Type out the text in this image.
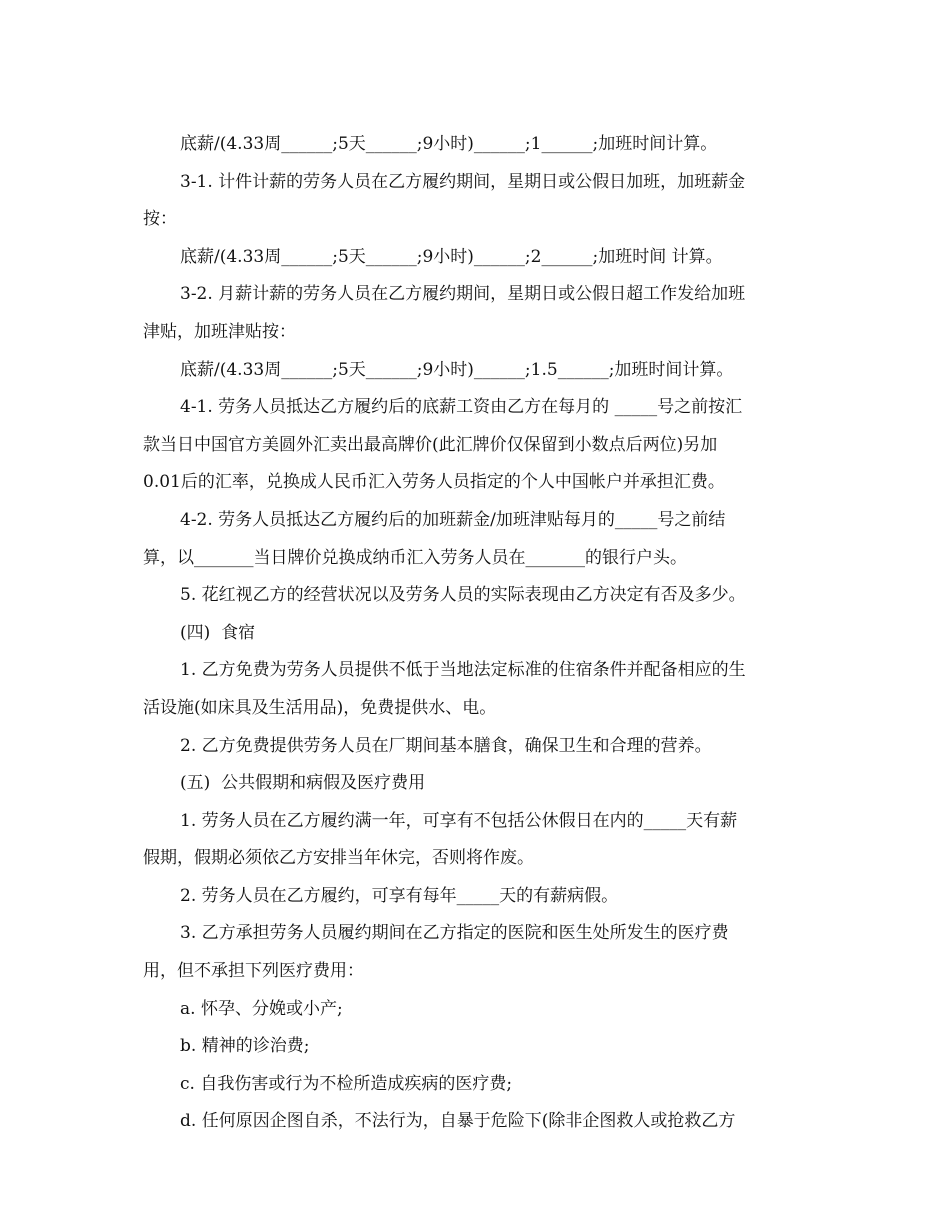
底薪/(4.33周______;5天______;9小时)______;1______;加班时间计算。
3-1. 计件计薪的劳务人员在乙方履约期间，星期日或公假日加班，加班薪金
按：
底薪/(4.33周______;5天______;9小时)______;2______;加班时间 计算。
3-2. 月薪计薪的劳务人员在乙方履约期间，星期日或公假日超工作发给加班
津贴，加班津贴按：
底薪/(4.33周______;5天______;9小时)______;1.5______;加班时间计算。
4-1. 劳务人员抵达乙方履约后的底薪工资由乙方在每月的 _____号之前按汇
款当日中国官方美圆外汇卖出最高牌价(此汇牌价仅保留到小数点后两位)另加
0.01后的汇率，兑换成人民币汇入劳务人员指定的个人中国帐户并承担汇费。
4-2. 劳务人员抵达乙方履约后的加班薪金/加班津贴每月的_____号之前结
算，以_______当日牌价兑换成纳币汇入劳务人员在_______的银行户头。
5. 花红视乙方的经营状况以及劳务人员的实际表现由乙方决定有否及多少。
(四)  食宿
1. 乙方免费为劳务人员提供不低于当地法定标准的住宿条件并配备相应的生
活设施(如床具及生活用品)，免费提供水、电。
2. 乙方免费提供劳务人员在厂期间基本膳食，确保卫生和合理的营养。
(五)  公共假期和病假及医疗费用
1. 劳务人员在乙方履约满一年，可享有不包括公休假日在内的_____天有薪
假期，假期必须依乙方安排当年休完，否则将作废。
2. 劳务人员在乙方履约，可享有每年_____天的有薪病假。
3. 乙方承担劳务人员履约期间在乙方指定的医院和医生处所发生的医疗费
用，但不承担下列医疗费用：
a. 怀孕、分娩或小产;
b. 精神的诊治费;
c. 自我伤害或行为不检所造成疾病的医疗费;
d. 任何原因企图自杀，不法行为，自暴于危险下(除非企图救人或抢救乙方
